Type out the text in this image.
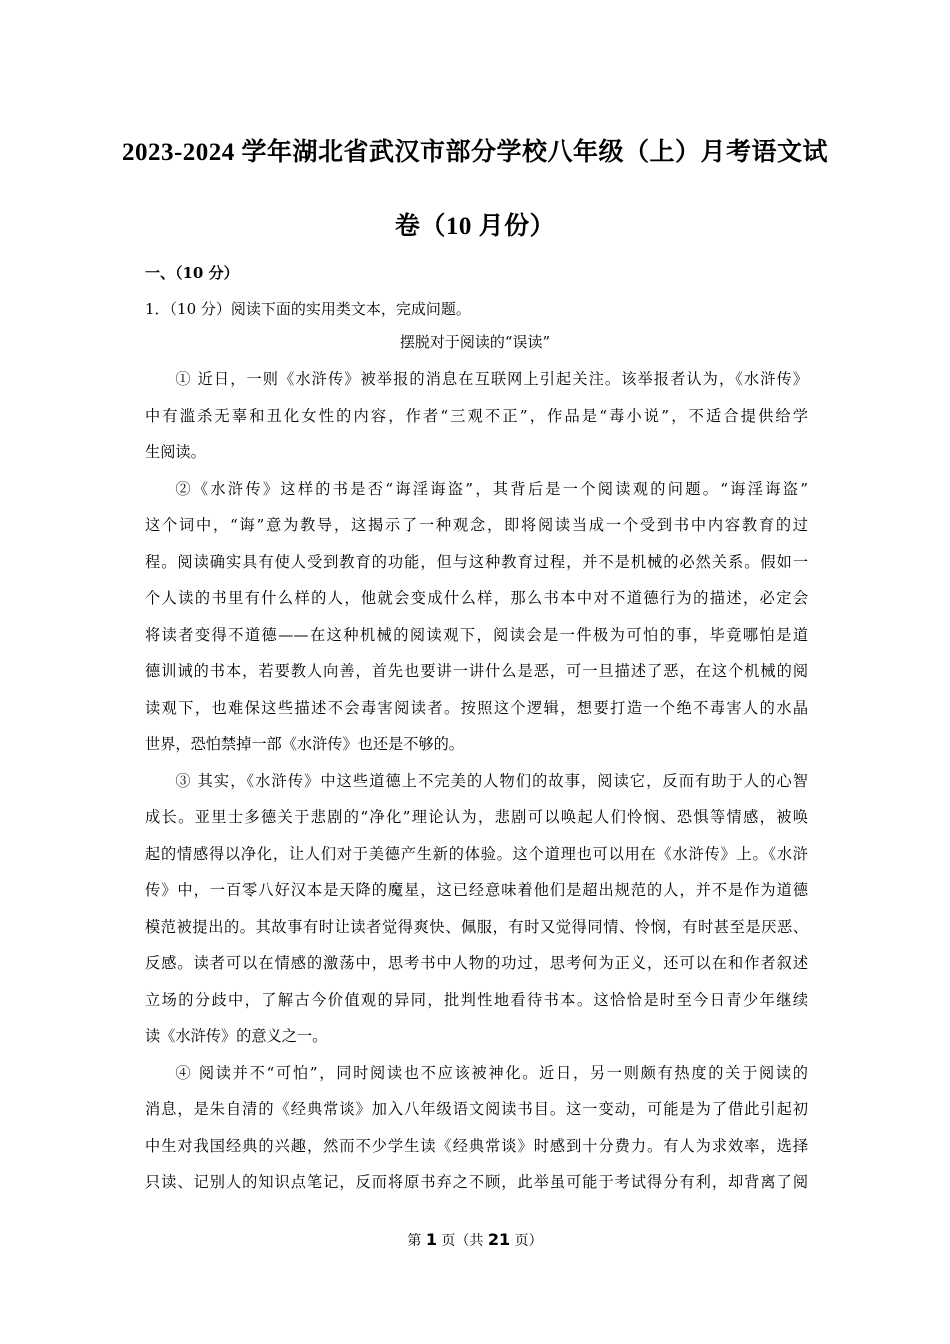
2023-2024 学年湖北省武汉市部分学校八年级（上）月考语文试
卷（10 月份）
一、（10 分）
1．（10 分）阅读下面的实用类文本，完成问题。
摆脱对于阅读的“误读”
① 近日，一则《水浒传》被举报的消息在互联网上引起关注。该举报者认为，《水浒传》
中有滥杀无辜和丑化女性的内容，作者“三观不正”，作品是“毒小说”，不适合提供给学
生阅读。
②《水浒传》这样的书是否“诲淫诲盗”，其背后是一个阅读观的问题。“诲淫诲盗”
这个词中，“诲”意为教导，这揭示了一种观念，即将阅读当成一个受到书中内容教育的过
程。阅读确实具有使人受到教育的功能，但与这种教育过程，并不是机械的必然关系。假如一
个人读的书里有什么样的人，他就会变成什么样，那么书本中对不道德行为的描述，必定会
将读者变得不道德——在这种机械的阅读观下，阅读会是一件极为可怕的事，毕竟哪怕是道
德训诫的书本，若要教人向善，首先也要讲一讲什么是恶，可一旦描述了恶，在这个机械的阅
读观下，也难保这些描述不会毒害阅读者。按照这个逻辑，想要打造一个绝不毒害人的水晶
世界，恐怕禁掉一部《水浒传》也还是不够的。
③ 其实，《水浒传》中这些道德上不完美的人物们的故事，阅读它，反而有助于人的心智
成长。亚里士多德关于悲剧的“净化”理论认为，悲剧可以唤起人们怜悯、恐惧等情感，被唤
起的情感得以净化，让人们对于美德产生新的体验。这个道理也可以用在《水浒传》上。《水浒
传》中，一百零八好汉本是天降的魔星，这已经意味着他们是超出规范的人，并不是作为道德
模范被提出的。其故事有时让读者觉得爽快、佩服，有时又觉得同情、怜悯，有时甚至是厌恶、
反感。读者可以在情感的激荡中，思考书中人物的功过，思考何为正义，还可以在和作者叙述
立场的分歧中，了解古今价值观的异同，批判性地看待书本。这恰恰是时至今日青少年继续
读《水浒传》的意义之一。
④ 阅读并不“可怕”，同时阅读也不应该被神化。近日，另一则颇有热度的关于阅读的
消息，是朱自清的《经典常谈》加入八年级语文阅读书目。这一变动，可能是为了借此引起初
中生对我国经典的兴趣，然而不少学生读《经典常谈》时感到十分费力。有人为求效率，选择
只读、记别人的知识点笔记，反而将原书弃之不顾，此举虽可能于考试得分有利，却背离了阅
第 1 页（共 21 页）
